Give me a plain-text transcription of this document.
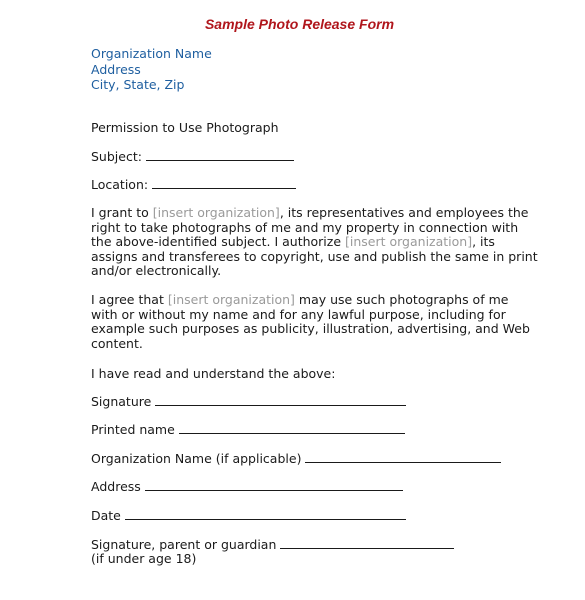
Sample Photo Release Form
Organization Name
Address
City, State, Zip
Permission to Use Photograph
Subject:
Location:
I grant to [insert organization], its representatives and employees the
right to take photographs of me and my property in connection with
the above-identified subject. I authorize [insert organization], its
assigns and transferees to copyright, use and publish the same in print
and/or electronically.
I agree that [insert organization] may use such photographs of me
with or without my name and for any lawful purpose, including for
example such purposes as publicity, illustration, advertising, and Web
content.
I have read and understand the above:
Signature
Printed name
Organization Name (if applicable)
Address
Date
Signature, parent or guardian
(if under age 18)
